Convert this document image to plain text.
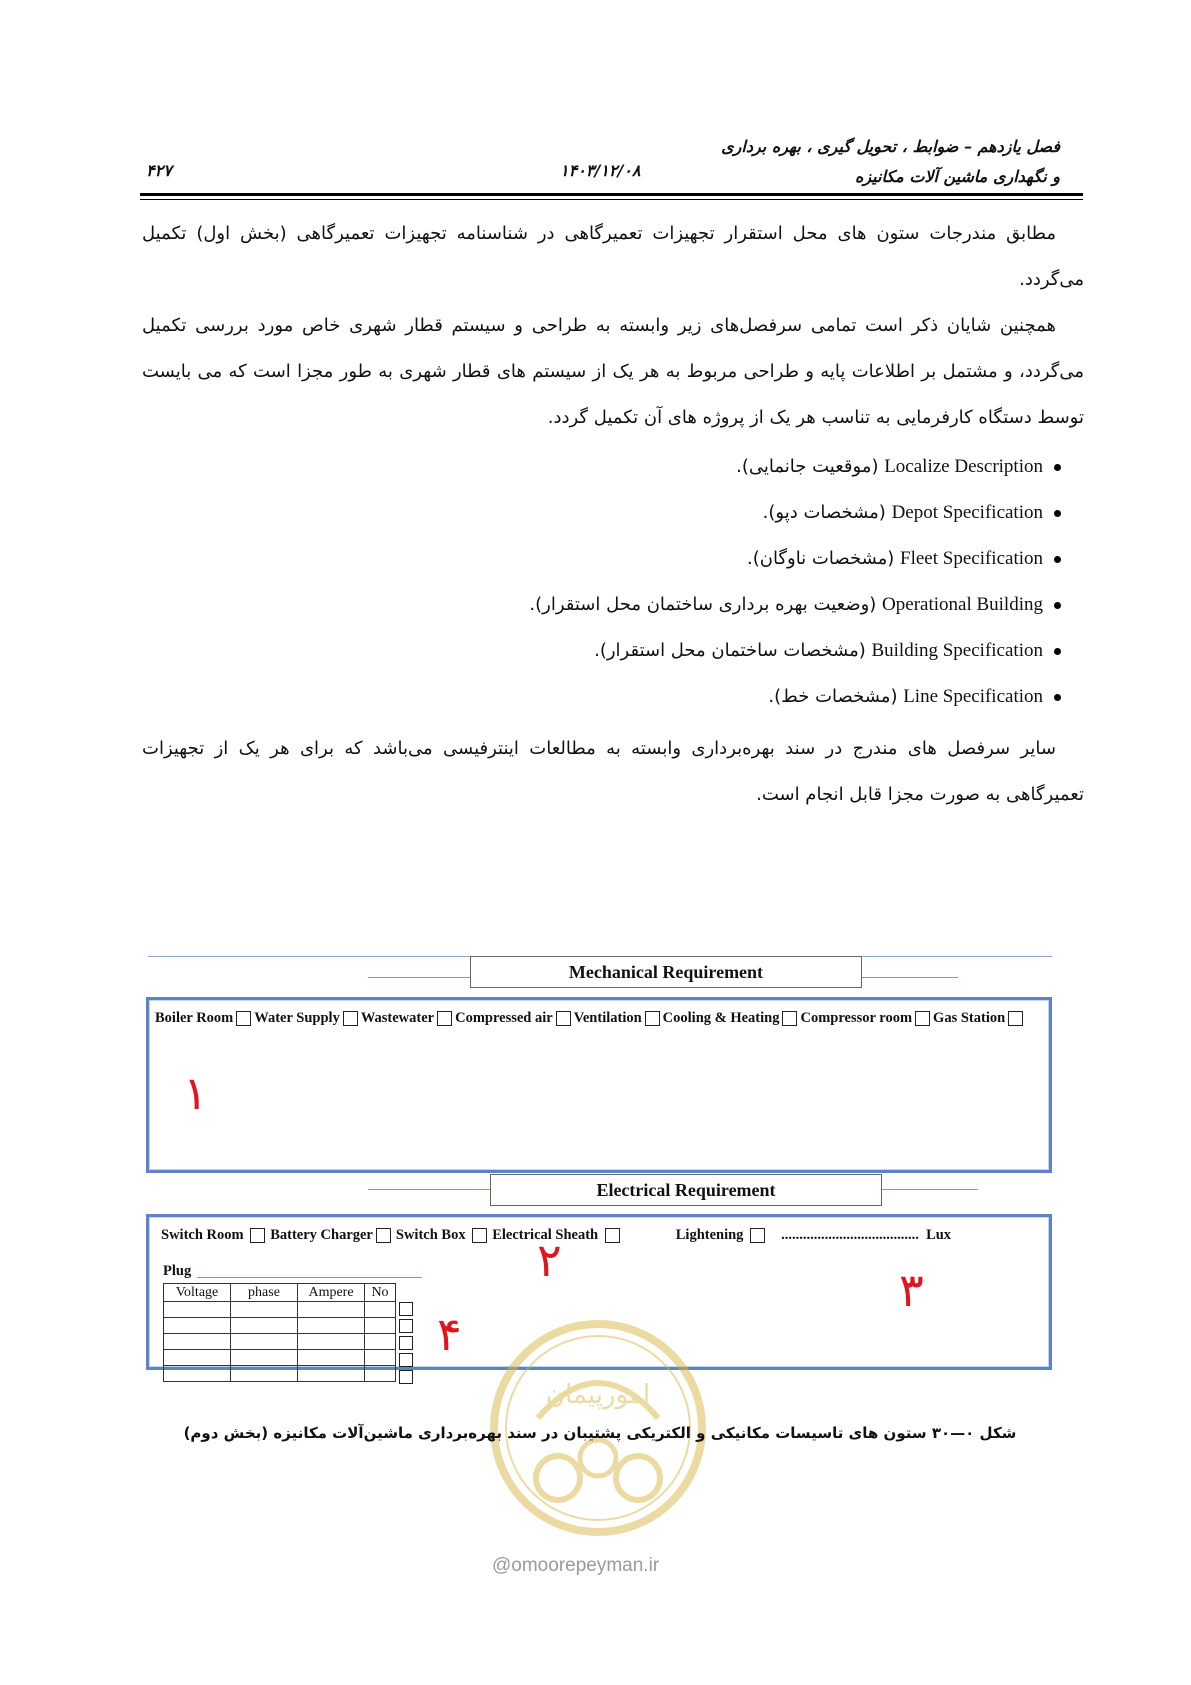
فصل یازدهم – ضوابط ، تحویل گیری ، بهره برداری
و نگهداری ماشین آلات مکانیزه
۱۴۰۳/۱۲/۰۸
۴۲۷
مطابق مندرجات ستون های محل استقرار تجهیزات تعمیرگاهی در شناسنامه تجهیزات تعمیرگاهی (بخش اول) تکمیل می‌گردد.
همچنین شایان ذکر است تمامی سرفصل‌های زیر وابسته به طراحی و سیستم قطار شهری خاص مورد بررسی تکمیل می‌گردد، و مشتمل بر اطلاعات پایه و طراحی مربوط به هر یک از سیستم های قطار شهری به طور مجزا است که می بایست توسط دستگاه کارفرمایی به تناسب هر یک از پروژه های آن تکمیل گردد.
Localize Description (موقعیت جانمایی).
Depot Specification (مشخصات دپو).
Fleet Specification (مشخصات ناوگان).
Operational Building (وضعیت بهره برداری ساختمان محل استقرار).
Building Specification (مشخصات ساختمان محل استقرار).
Line Specification (مشخصات خط).
سایر سرفصل های مندرج در سند بهره‌برداری وابسته به مطالعات اینترفیسی می‌باشد که برای هر یک از تجهیزات تعمیرگاهی به صورت مجزا قابل انجام است.
Mechanical Requirement
Boiler Room Water Supply Wastewater Compressed air Ventilation Cooling & Heating Compressor room Gas Station
۱
Electrical Requirement
Switch Room
Battery Charger Switch Box
Electrical Sheath
	Lightening
	......................................
Lux
Plug
Voltage	phase	Ampere	No

۲
۳
۴
امورپیمان
@omoorepeyman.ir
شکل ۰—۳۰ ستون های تاسیسات مکانیکی و الکتریکی پشتیبان در سند بهره‌برداری ماشین‌آلات مکانیزه (بخش دوم)
